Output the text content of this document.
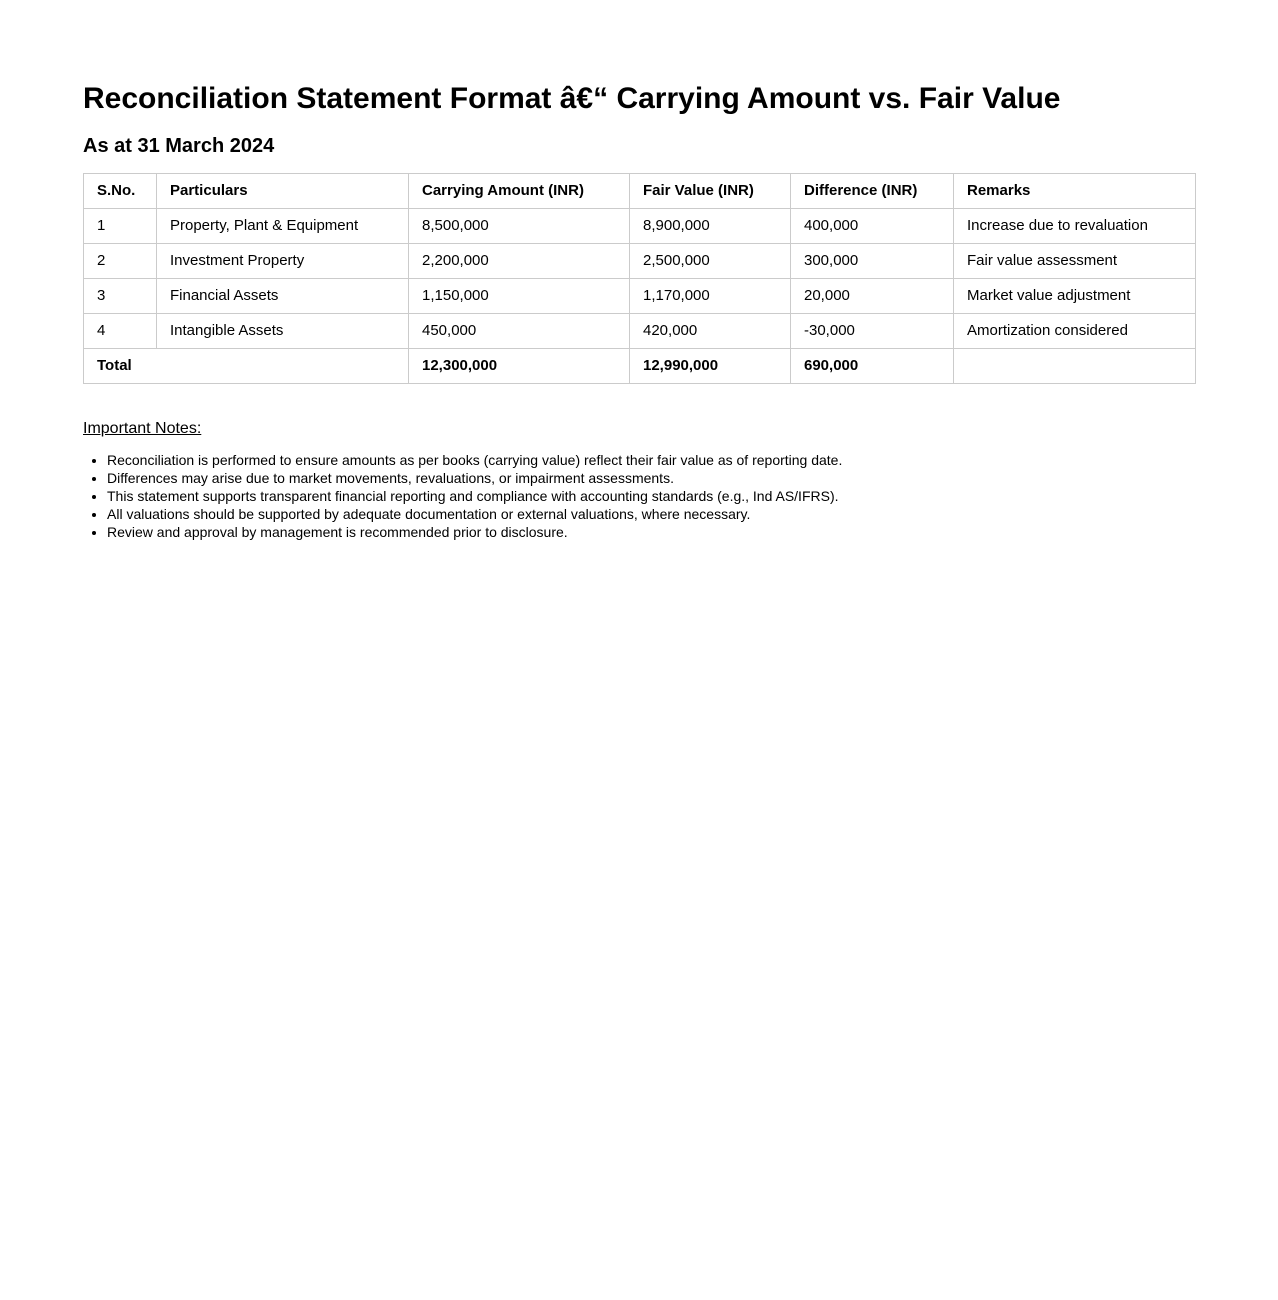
Reconciliation Statement Format â€“ Carrying Amount vs. Fair Value
As at 31 March 2024
S.No.	Particulars	Carrying Amount (INR)	Fair Value (INR)	Difference (INR)	Remarks
1	Property, Plant & Equipment	8,500,000	8,900,000	400,000	Increase due to revaluation
2	Investment Property	2,200,000	2,500,000	300,000	Fair value assessment
3	Financial Assets	1,150,000	1,170,000	20,000	Market value adjustment
4	Intangible Assets	450,000	420,000	-30,000	Amortization considered
Total		12,300,000	12,990,000	690,000	
Important Notes:
• Reconciliation is performed to ensure amounts as per books (carrying value) reflect their fair value as of reporting date.
• Differences may arise due to market movements, revaluations, or impairment assessments.
• This statement supports transparent financial reporting and compliance with accounting standards (e.g., Ind AS/IFRS).
• All valuations should be supported by adequate documentation or external valuations, where necessary.
• Review and approval by management is recommended prior to disclosure.
